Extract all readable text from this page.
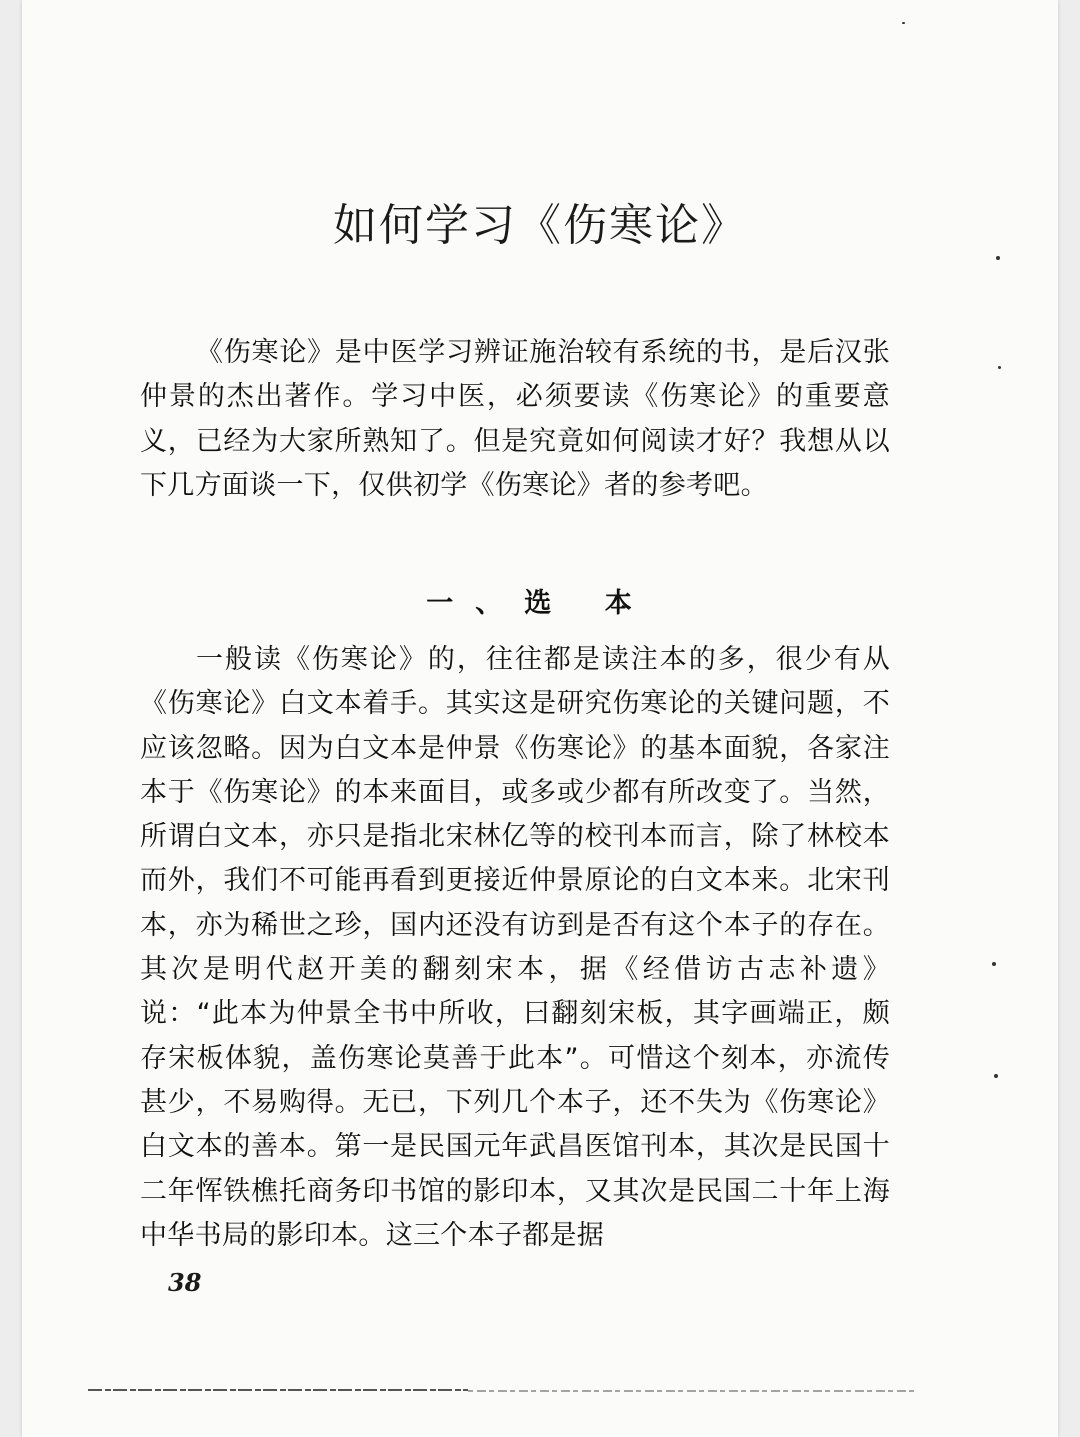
如何学习《伤寒论》

《伤寒论》是中医学习辨证施治较有系统的书，是后汉张仲景的杰出著作。学习中医，必须要读《伤寒论》的重要意义，已经为大家所熟知了。但是究竟如何阅读才好？我想从以下几方面谈一下，仅供初学《伤寒论》者的参考吧。

一、选 本

一般读《伤寒论》的，往往都是读注本的多，很少有从《伤寒论》白文本着手。其实这是研究伤寒论的关键问题，不应该忽略。因为白文本是仲景《伤寒论》的基本面貌，各家注本于《伤寒论》的本来面目，或多或少都有所改变了。当然，所谓白文本，亦只是指北宋林亿等的校刊本而言，除了林校本而外，我们不可能再看到更接近仲景原论的白文本来。北宋刊本，亦为稀世之珍，国内还没有访到是否有这个本子的存在。其次是明代赵开美的翻刻宋本，据《经借访古志补遗》说：“此本为仲景全书中所收，曰翻刻宋板，其字画端正，颇存宋板体貌，盖伤寒论莫善于此本”。可惜这个刻本，亦流传甚少，不易购得。无已，下列几个本子，还不失为《伤寒论》白文本的善本。第一是民国元年武昌医馆刊本，其次是民国十二年恽铁樵托商务印书馆的影印本，又其次是民国二十年上海中华书局的影印本。这三个本子都是据

38
